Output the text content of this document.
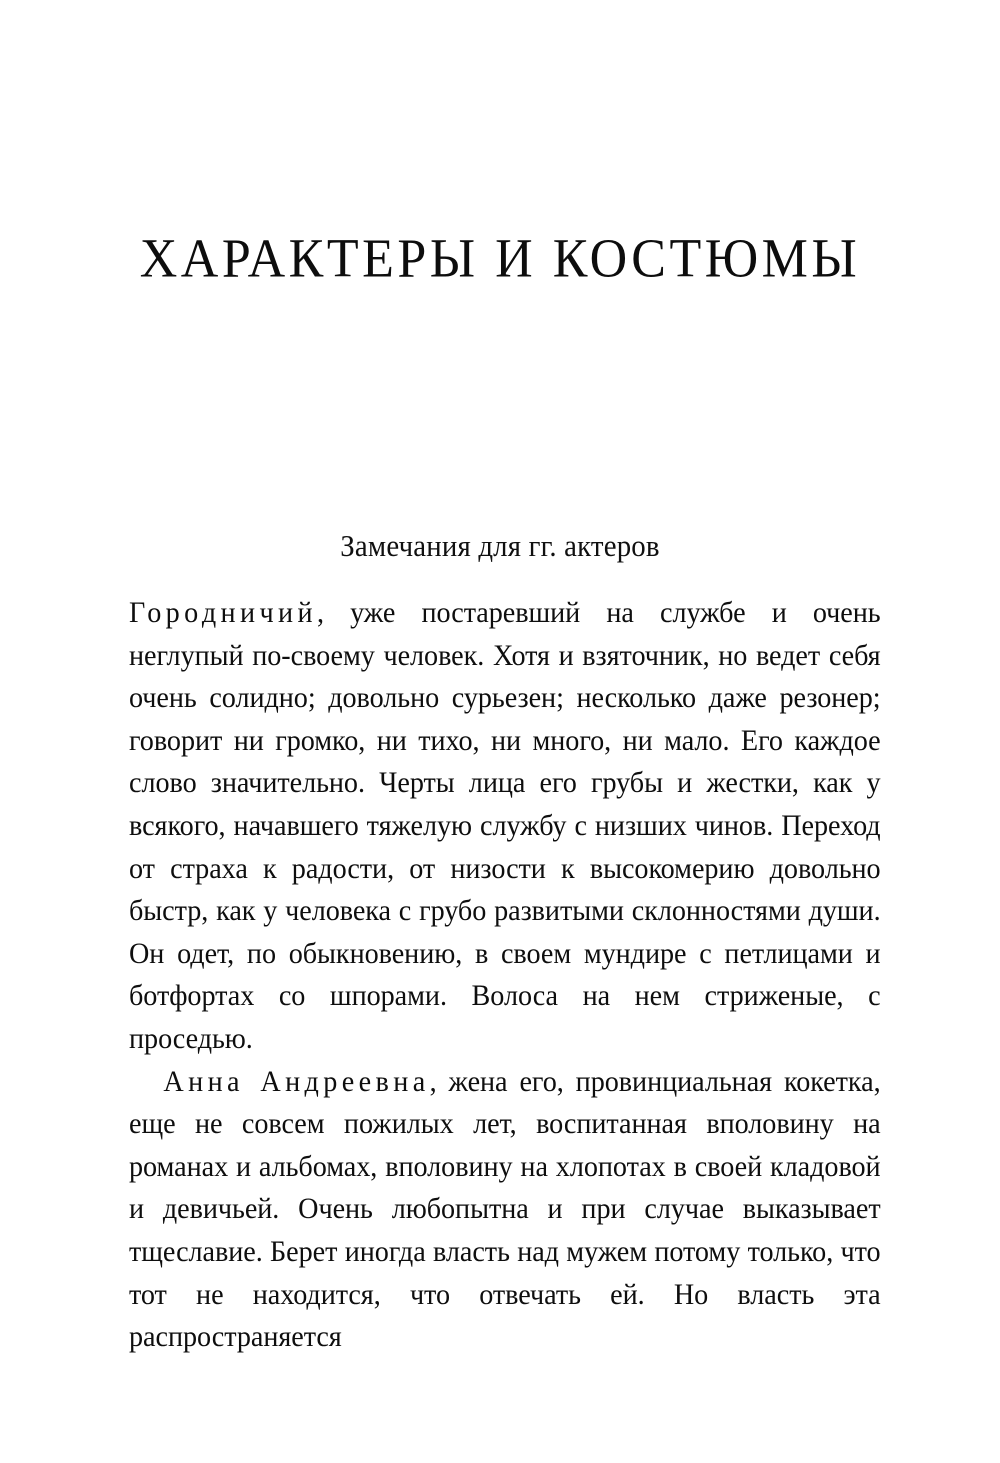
ХАРАКТЕРЫ И КОСТЮМЫ
Замечания для гг. актеров

Городничий, уже постаревший на службе и очень неглупый по-своему человек. Хотя и взяточник, но ведет себя очень солидно; довольно сурьезен; несколько даже резонер; говорит ни громко, ни тихо, ни много, ни мало. Его каждое слово значительно. Черты лица его грубы и жестки, как у всякого, начавшего тяжелую службу с низших чинов. Переход от страха к радости, от низости к высокомерию довольно быстр, как у человека с грубо развитыми склонностями души. Он одет, по обыкновению, в своем мундире с петлицами и ботфортах со шпорами. Волоса на нем стриженые, с проседью.

Анна Андреевна, жена его, провинциальная кокетка, еще не совсем пожилых лет, воспитанная вполовину на романах и альбомах, вполовину на хлопотах в своей кладовой и девичьей. Очень любопытна и при случае выказывает тщеславие. Берет иногда власть над мужем потому только, что тот не находится, что отвечать ей. Но власть эта распространяется
